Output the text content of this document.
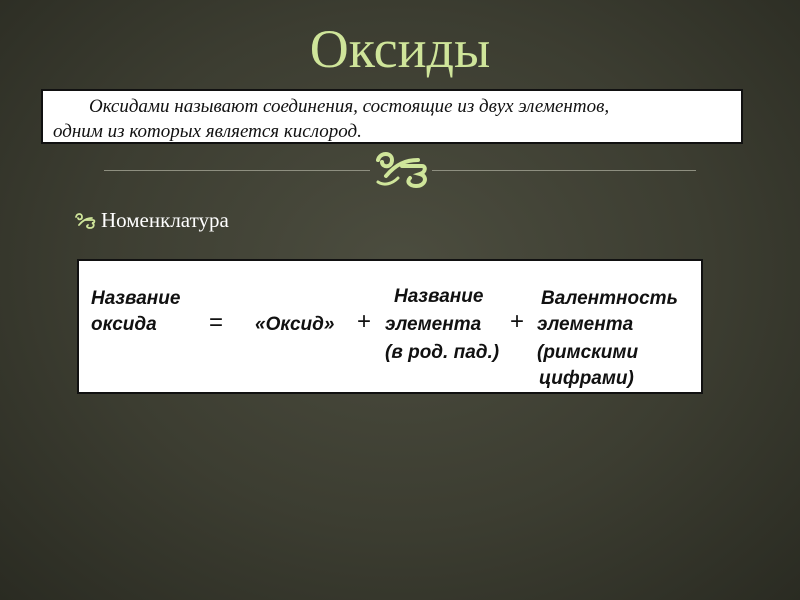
Оксиды
Оксидами называют соединения, состоящие из двух элементов,
одним из которых является кислород.
Номенклатура
Название
оксида = «Оксид» +
Название
элемента
(в род. пад.)
+
Валентность
элемента
(римскими
цифрами)
